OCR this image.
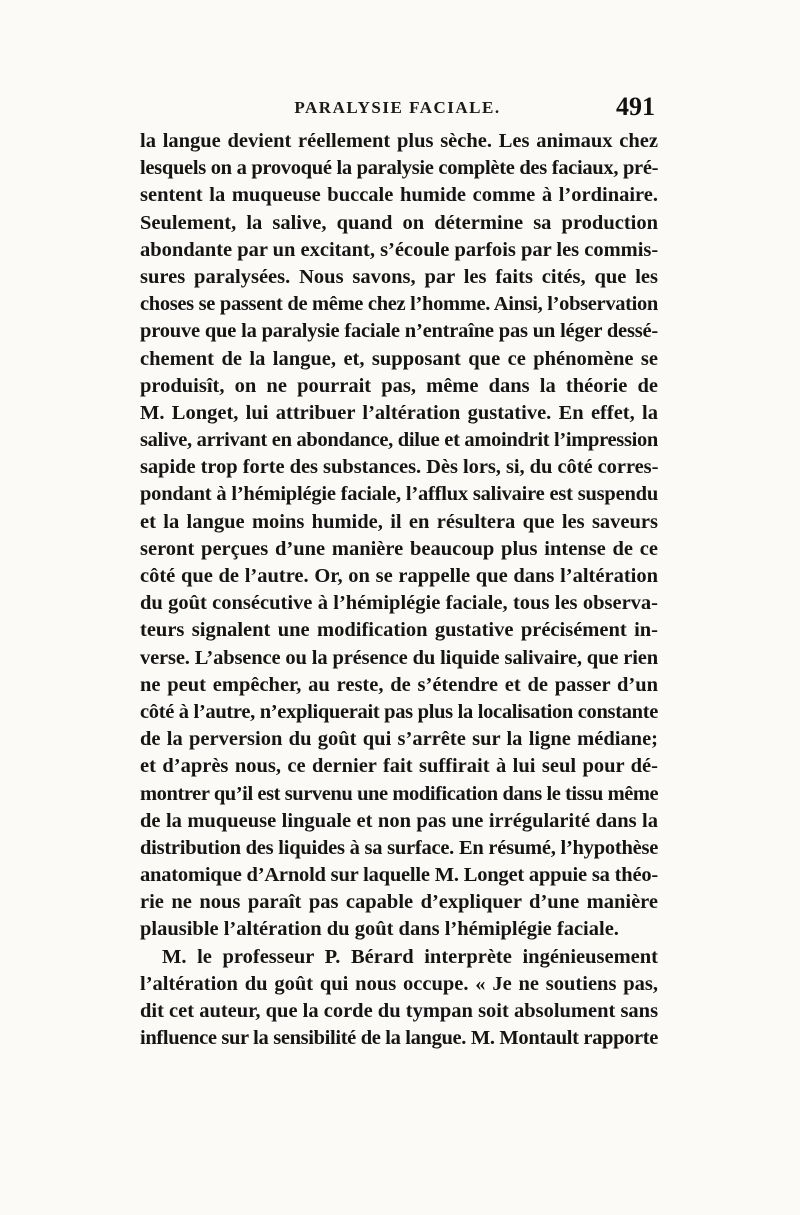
PARALYSIE FACIALE.	491
la langue devient réellement plus sèche. Les animaux chez
lesquels on a provoqué la paralysie complète des faciaux, pré-
sentent la muqueuse buccale humide comme à l’ordinaire.
Seulement, la salive, quand on détermine sa production
abondante par un excitant, s’écoule parfois par les commis-
sures paralysées. Nous savons, par les faits cités, que les
choses se passent de même chez l’homme. Ainsi, l’observation
prouve que la paralysie faciale n’entraîne pas un léger dessé-
chement de la langue, et, supposant que ce phénomène se
produisît, on ne pourrait pas, même dans la théorie de
M. Longet, lui attribuer l’altération gustative. En effet, la
salive, arrivant en abondance, dilue et amoindrit l’impression
sapide trop forte des substances. Dès lors, si, du côté corres-
pondant à l’hémiplégie faciale, l’afflux salivaire est suspendu
et la langue moins humide, il en résultera que les saveurs
seront perçues d’une manière beaucoup plus intense de ce
côté que de l’autre. Or, on se rappelle que dans l’altération
du goût consécutive à l’hémiplégie faciale, tous les observa-
teurs signalent une modification gustative précisément in-
verse. L’absence ou la présence du liquide salivaire, que rien
ne peut empêcher, au reste, de s’étendre et de passer d’un
côté à l’autre, n’expliquerait pas plus la localisation constante
de la perversion du goût qui s’arrête sur la ligne médiane;
et d’après nous, ce dernier fait suffirait à lui seul pour dé-
montrer qu’il est survenu une modification dans le tissu même
de la muqueuse linguale et non pas une irrégularité dans la
distribution des liquides à sa surface. En résumé, l’hypothèse
anatomique d’Arnold sur laquelle M. Longet appuie sa théo-
rie ne nous paraît pas capable d’expliquer d’une manière
plausible l’altération du goût dans l’hémiplégie faciale.
M. le professeur P. Bérard interprète ingénieusement
l’altération du goût qui nous occupe. « Je ne soutiens pas,
dit cet auteur, que la corde du tympan soit absolument sans
influence sur la sensibilité de la langue. M. Montault rapporte
